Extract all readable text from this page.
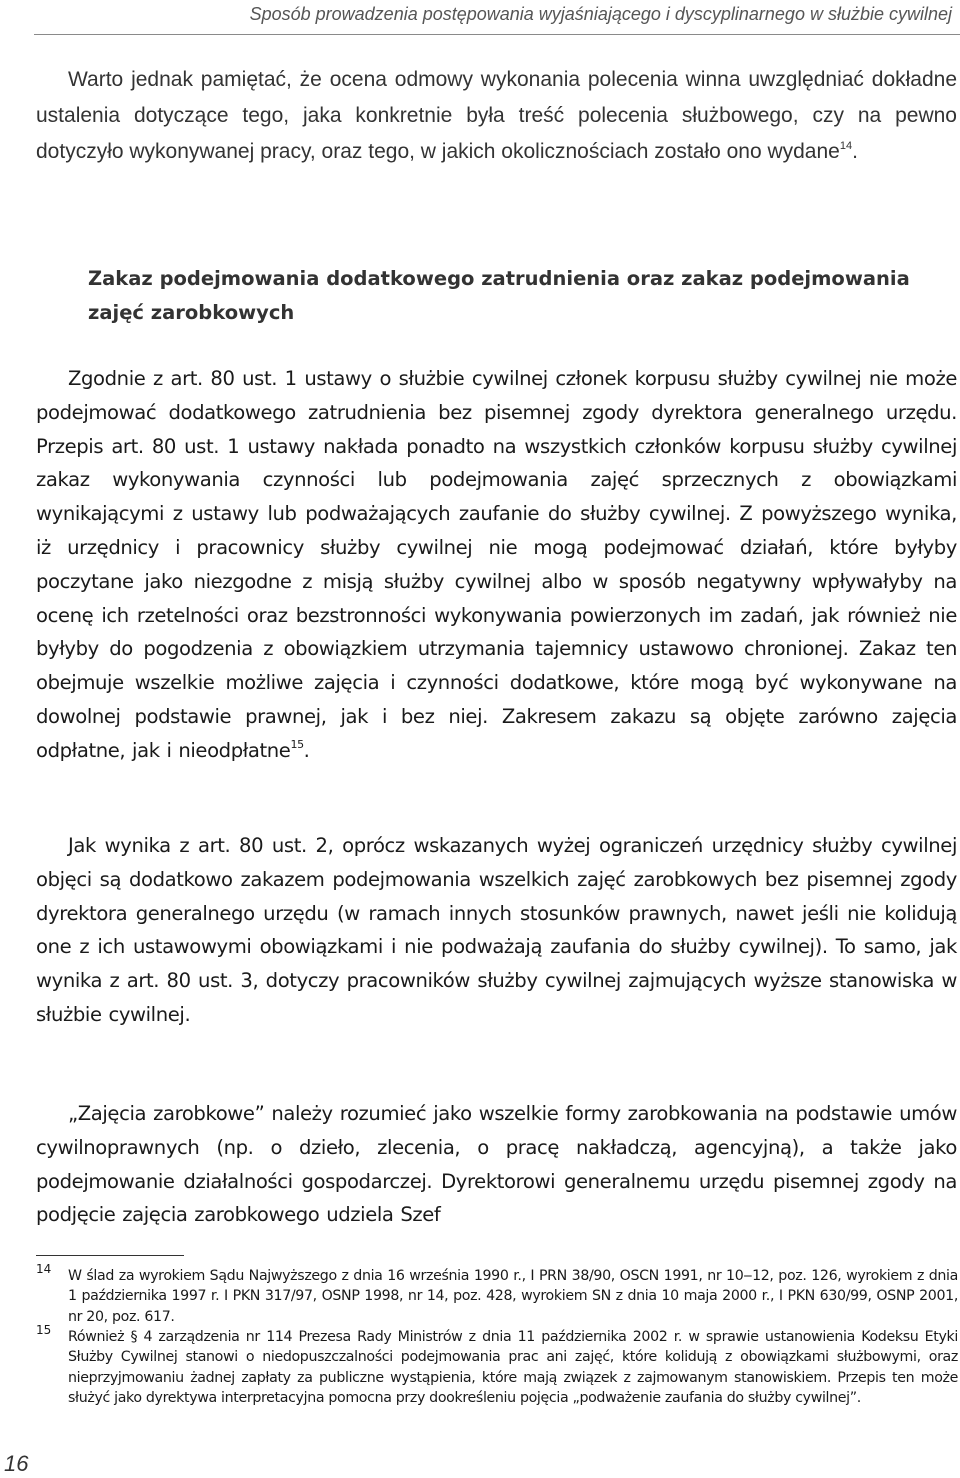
Sposób prowadzenia postępowania wyjaśniającego i dyscyplinarnego w służbie cywilnej

Warto jednak pamiętać, że ocena odmowy wykonania polecenia winna uwzględniać dokładne ustalenia dotyczące tego, jaka konkretnie była treść polecenia służbowego, czy na pewno dotyczyło wykonywanej pracy, oraz tego, w jakich okolicznościach zostało ono wydane$^{14}$.

Zakaz podejmowania dodatkowego zatrudnienia oraz zakaz podejmowania zajęć zarobkowych

Zgodnie z art. 80 ust. 1 ustawy o służbie cywilnej członek korpusu służby cywilnej nie może podejmować dodatkowego zatrudnienia bez pisemnej zgody dyrektora generalnego urzędu. Przepis art. 80 ust. 1 ustawy nakłada ponadto na wszystkich członków korpusu służby cywilnej zakaz wykonywania czynności lub podejmowania zajęć sprzecznych z obowiązkami wynikającymi z ustawy lub podważających zaufanie do służby cywilnej. Z powyższego wynika, iż urzędnicy i pracownicy służby cywilnej nie mogą podejmować działań, które byłyby poczytane jako niezgodne z misją służby cywilnej albo w sposób negatywny wpływałyby na ocenę ich rzetelności oraz bezstronności wykonywania powierzonych im zadań, jak również nie byłyby do pogodzenia z obowiązkiem utrzymania tajemnicy ustawowo chronionej. Zakaz ten obejmuje wszelkie możliwe zajęcia i czynności dodatkowe, które mogą być wykonywane na dowolnej podstawie prawnej, jak i bez niej. Zakresem zakazu są objęte zarówno zajęcia odpłatne, jak i nieodpłatne$^{15}$.

Jak wynika z art. 80 ust. 2, oprócz wskazanych wyżej ograniczeń urzędnicy służby cywilnej objęci są dodatkowo zakazem podejmowania wszelkich zajęć zarobkowych bez pisemnej zgody dyrektora generalnego urzędu (w ramach innych stosunków prawnych, nawet jeśli nie kolidują one z ich ustawowymi obowiązkami i nie podważają zaufania do służby cywilnej). To samo, jak wynika z art. 80 ust. 3, dotyczy pracowników służby cywilnej zajmujących wyższe stanowiska w służbie cywilnej.

„Zajęcia zarobkowe” należy rozumieć jako wszelkie formy zarobkowania na podstawie umów cywilnoprawnych (np. o dzieło, zlecenia, o pracę nakładczą, agencyjną), a także jako podejmowanie działalności gospodarczej. Dyrektorowi generalnemu urzędu pisemnej zgody na podjęcie zajęcia zarobkowego udziela Szef

14 W ślad za wyrokiem Sądu Najwyższego z dnia 16 września 1990 r., I PRN 38/90, OSCN 1991, nr 10‒12, poz. 126, wyrokiem z dnia 1 października 1997 r. I PKN 317/97, OSNP 1998, nr 14, poz. 428, wyrokiem SN z dnia 10 maja 2000 r., I PKN 630/99, OSNP 2001, nr 20, poz. 617.
15 Również § 4 zarządzenia nr 114 Prezesa Rady Ministrów z dnia 11 października 2002 r. w sprawie ustanowienia Kodeksu Etyki Służby Cywilnej stanowi o niedopuszczalności podejmowania prac ani zajęć, które kolidują z obowiązkami służbowymi, oraz nieprzyjmowaniu żadnej zapłaty za publiczne wystąpienia, które mają związek z zajmowanym stanowiskiem. Przepis ten może służyć jako dyrektywa interpretacyjna pomocna przy dookreśleniu pojęcia „podważenie zaufania do służby cywilnej”.
16
